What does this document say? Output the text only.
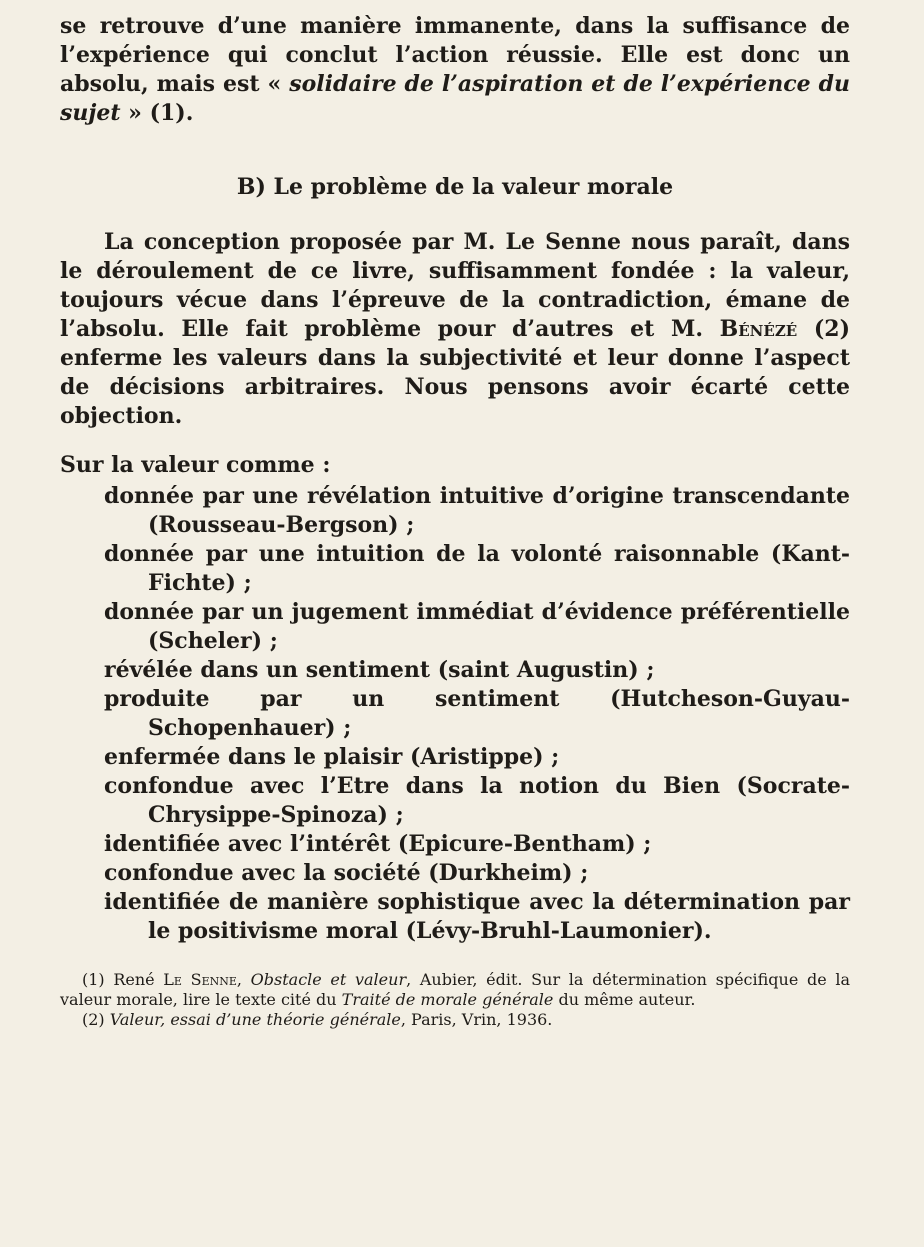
se retrouve d’une manière immanente, dans la suffisance de l’expérience qui conclut l’action réussie. Elle est donc un absolu, mais est « solidaire de l’aspiration et de l’expérience du sujet » (1).

B) Le problème de la valeur morale

La conception proposée par M. Le Senne nous paraît, dans le déroulement de ce livre, suffisamment fondée : la valeur, toujours vécue dans l’épreuve de la contradiction, émane de l’absolu. Elle fait problème pour d’autres et M. Bénézé (2) enferme les valeurs dans la subjectivité et leur donne l’aspect de décisions arbitraires. Nous pensons avoir écarté cette objection.

Sur la valeur comme :
donnée par une révélation intuitive d’origine transcendante (Rousseau-Bergson) ;
donnée par une intuition de la volonté raisonnable (Kant-Fichte) ;
donnée par un jugement immédiat d’évidence préférentielle (Scheler) ;
révélée dans un sentiment (saint Augustin) ;
produite par un sentiment (Hutcheson-Guyau-Schopenhauer) ;
enfermée dans le plaisir (Aristippe) ;
confondue avec l’Etre dans la notion du Bien (Socrate-Chrysippe-Spinoza) ;
identifiée avec l’intérêt (Epicure-Bentham) ;
confondue avec la société (Durkheim) ;
identifiée de manière sophistique avec la détermination par le positivisme moral (Lévy-Bruhl-Laumonier).

(1) René Le Senne, Obstacle et valeur, Aubier, édit. Sur la détermination spécifique de la valeur morale, lire le texte cité du Traité de morale générale du même auteur.

(2) Valeur, essai d’une théorie générale, Paris, Vrin, 1936.
